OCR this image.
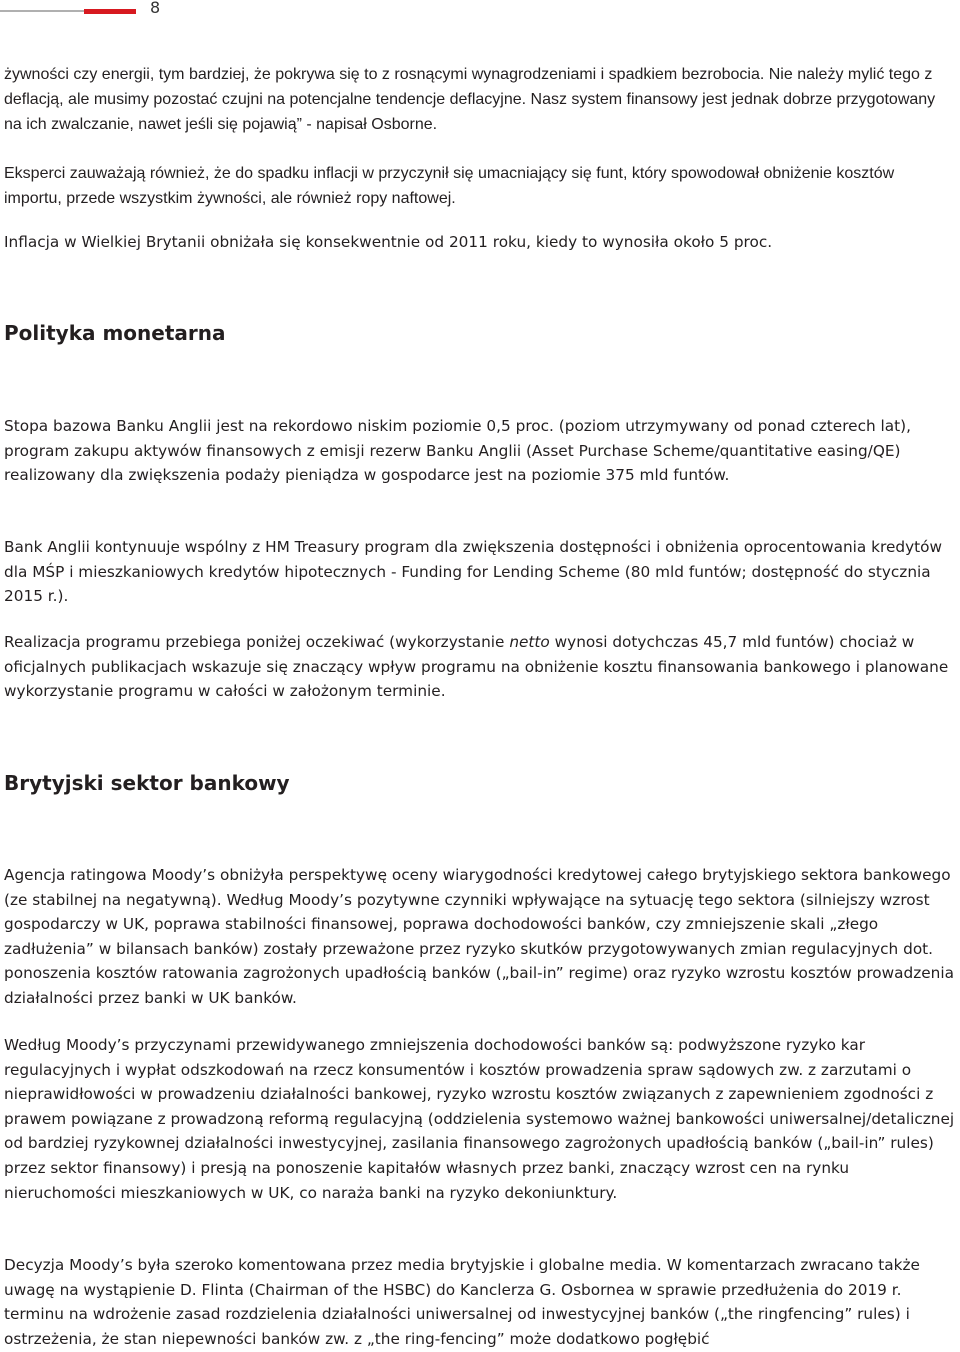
8

żywności czy energii, tym bardziej, że pokrywa się to z rosnącymi wynagrodzeniami i spadkiem bezrobocia. Nie należy mylić tego z deflacją, ale musimy pozostać czujni na potencjalne tendencje deflacyjne. Nasz system finansowy jest jednak dobrze przygotowany na ich zwalczanie, nawet jeśli się pojawią” - napisał Osborne.

Eksperci zauważają również, że do spadku inflacji w przyczynił się umacniający się funt, który spowodował obniżenie kosztów importu, przede wszystkim żywności, ale również ropy naftowej.

Inflacja w Wielkiej Brytanii obniżała się konsekwentnie od 2011 roku, kiedy to wynosiła około 5 proc.

Polityka monetarna

Stopa bazowa Banku Anglii jest na rekordowo niskim poziomie 0,5 proc. (poziom utrzymywany od ponad czterech lat), program zakupu aktywów finansowych z emisji rezerw Banku Anglii (Asset Purchase Scheme/quantitative easing/QE) realizowany dla zwiększenia podaży pieniądza w gospodarce jest na poziomie 375 mld funtów.

Bank Anglii kontynuuje wspólny z HM Treasury program dla zwiększenia dostępności i obniżenia oprocentowania kredytów dla MŚP i mieszkaniowych kredytów hipotecznych - Funding for Lending Scheme (80 mld funtów; dostępność do stycznia 2015 r.).

Realizacja programu przebiega poniżej oczekiwać (wykorzystanie netto wynosi dotychczas 45,7 mld funtów) chociaż w oficjalnych publikacjach wskazuje się znaczący wpływ programu na obniżenie kosztu finansowania bankowego i planowane wykorzystanie programu w całości w założonym terminie.

Brytyjski sektor bankowy

Agencja ratingowa Moody’s obniżyła perspektywę oceny wiarygodności kredytowej całego brytyjskiego sektora bankowego (ze stabilnej na negatywną). Według Moody’s pozytywne czynniki wpływające na sytuację tego sektora (silniejszy wzrost gospodarczy w UK, poprawa stabilności finansowej, poprawa dochodowości banków, czy zmniejszenie skali „złego zadłużenia” w bilansach banków) zostały przeważone przez ryzyko skutków przygotowywanych zmian regulacyjnych dot. ponoszenia kosztów ratowania zagrożonych upadłością banków („bail-in” regime) oraz ryzyko wzrostu kosztów prowadzenia działalności przez banki w UK banków.

Według Moody’s przyczynami przewidywanego zmniejszenia dochodowości banków są: podwyższone ryzyko kar regulacyjnych i wypłat odszkodowań na rzecz konsumentów i kosztów prowadzenia spraw sądowych zw. z zarzutami o nieprawidłowości w prowadzeniu działalności bankowej, ryzyko wzrostu kosztów związanych z zapewnieniem zgodności z prawem powiązane z prowadzoną reformą regulacyjną (oddzielenia systemowo ważnej bankowości uniwersalnej/detalicznej od bardziej ryzykownej działalności inwestycyjnej, zasilania finansowego zagrożonych upadłością banków („bail-in” rules) przez sektor finansowy) i presją na ponoszenie kapitałów własnych przez banki, znaczący wzrost cen na rynku nieruchomości mieszkaniowych w UK, co naraża banki na ryzyko dekoniunktury.

Decyzja Moody’s była szeroko komentowana przez media brytyjskie i globalne media. W komentarzach zwracano także uwagę na wystąpienie D. Flinta (Chairman of the HSBC) do Kanclerza G. Osbornea w sprawie przedłużenia do 2019 r. terminu na wdrożenie zasad rozdzielenia działalności uniwersalnej od inwestycyjnej banków („the ringfencing” rules) i ostrzeżenia, że stan niepewności banków zw. z „the ring-fencing” może dodatkowo pogłębić
